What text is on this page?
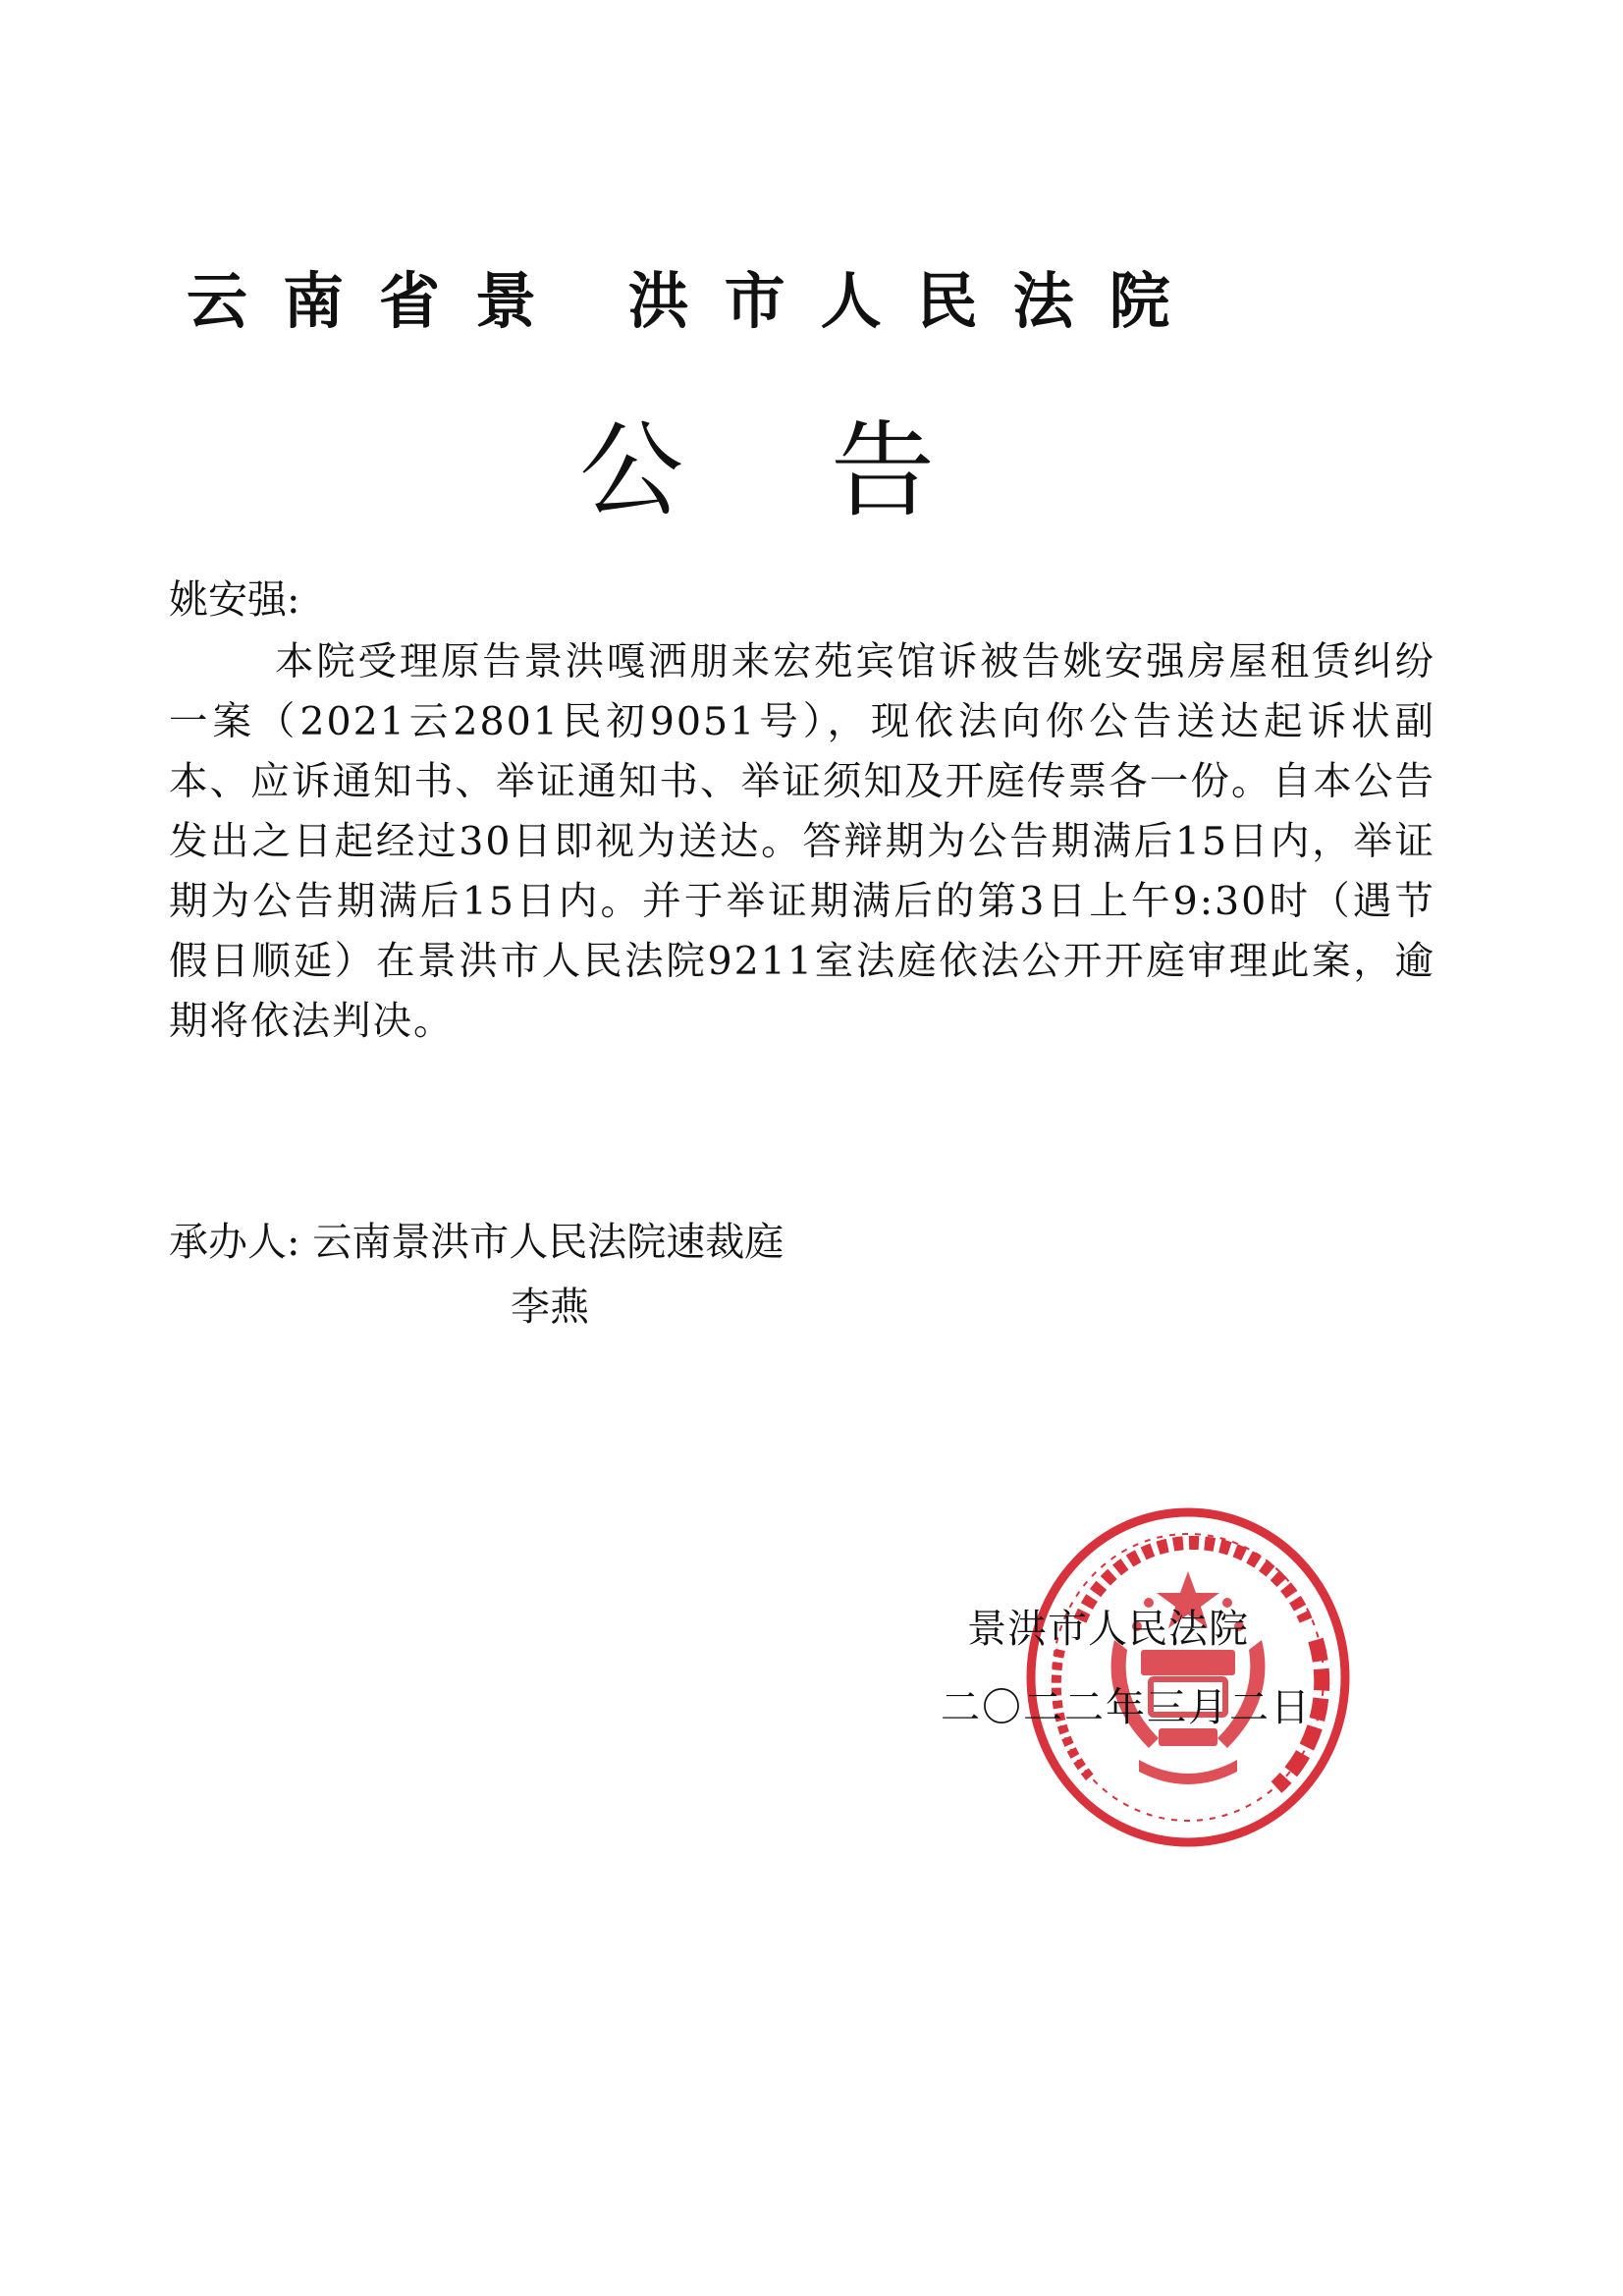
云南省景 洪市人民法院
公告

姚安强:

本院受理原告景洪嘎洒朋来宏苑宾馆诉被告姚安强房屋租赁纠纷一案（2021云2801民初9051号），现依法向你公告送达起诉状副本、应诉通知书、举证通知书、举证须知及开庭传票各一份。自本公告发出之日起经过30日即视为送达。答辩期为公告期满后15日内，举证期为公告期满后15日内。并于举证期满后的第3日上午9:30时（遇节假日顺延）在景洪市人民法院9211室法庭依法公开开庭审理此案，逾期将依法判决。

承办人: 云南景洪市人民法院速裁庭

李燕

景洪市人民法院

二〇二二年三月二日
